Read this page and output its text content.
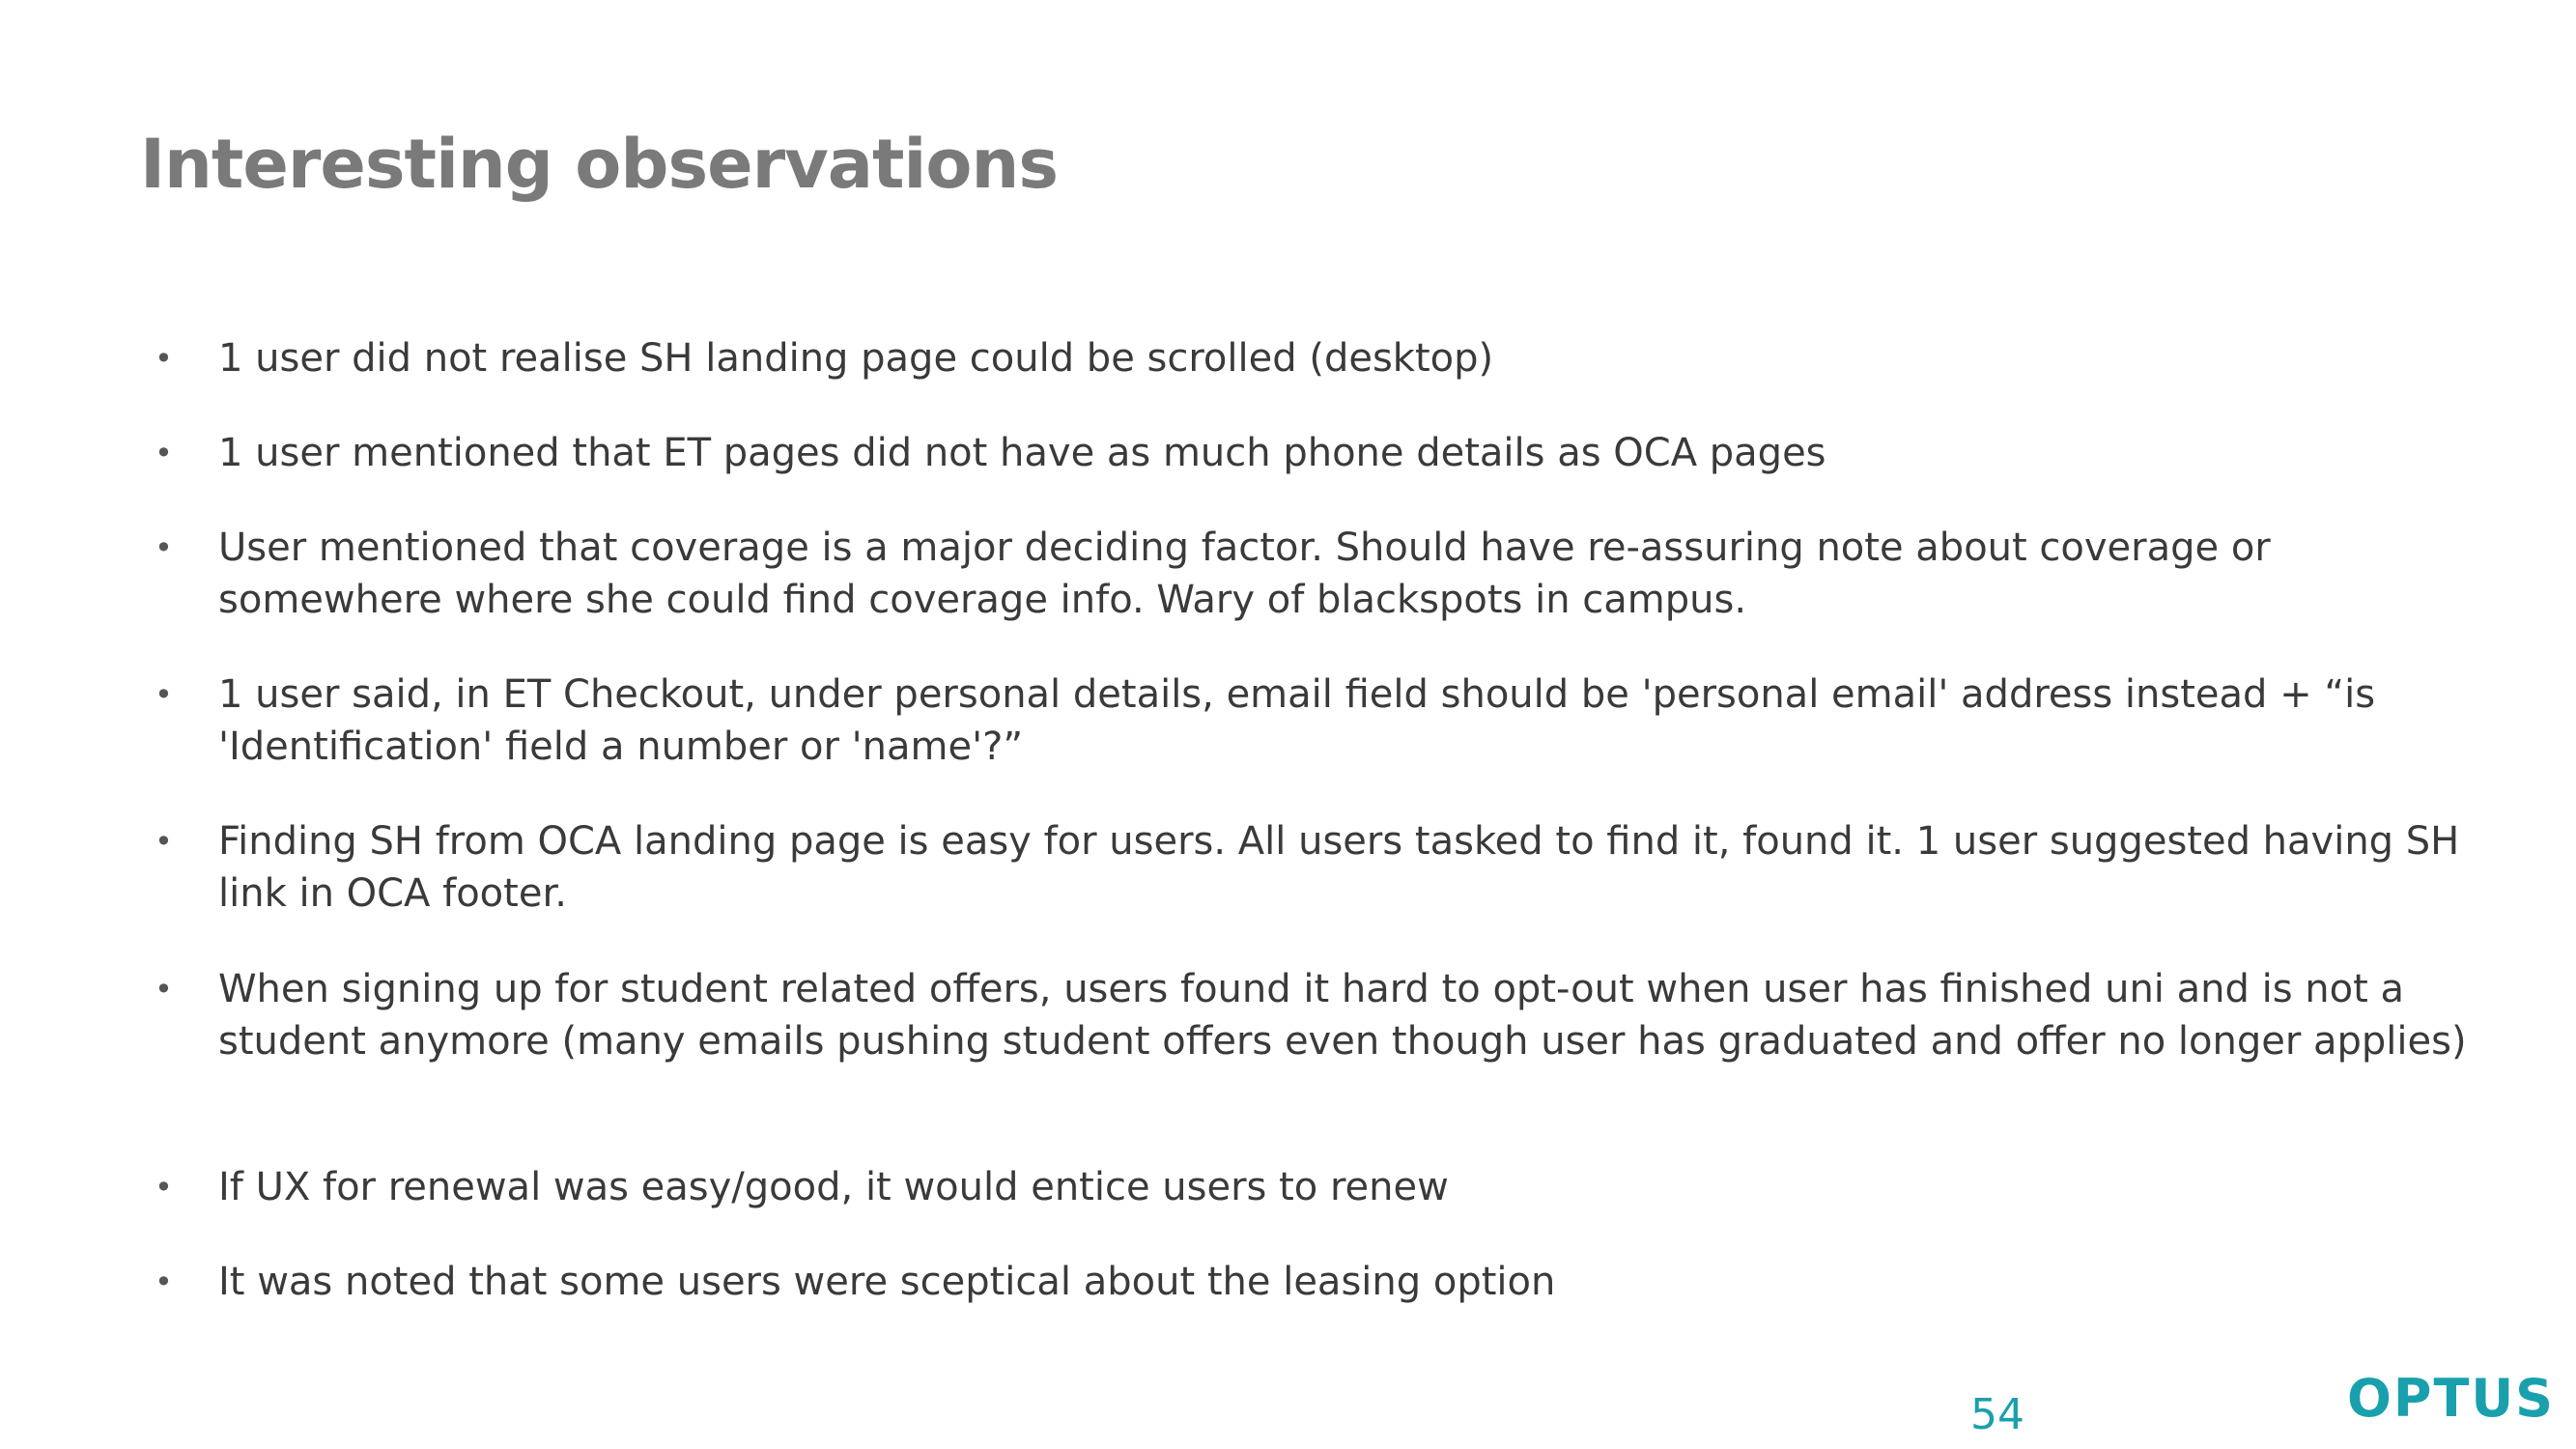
Interesting observations
•	1 user did not realise SH landing page could be scrolled (desktop)
•	1 user mentioned that ET pages did not have as much phone details as OCA pages
•	User mentioned that coverage is a major deciding factor. Should have re-assuring note about coverage or somewhere where she could find coverage info. Wary of blackspots in campus.
•	1 user said, in ET Checkout, under personal details, email field should be 'personal email' address instead + “is 'Identification' field a number or 'name'?”
•	Finding SH from OCA landing page is easy for users. All users tasked to find it, found it. 1 user suggested having SH link in OCA footer.
•	When signing up for student related offers, users found it hard to opt-out when user has finished uni and is not a student anymore (many emails pushing student offers even though user has graduated and offer no longer applies)
•	If UX for renewal was easy/good, it would entice users to renew
•	It was noted that some users were sceptical about the leasing option
54	OPTUS
